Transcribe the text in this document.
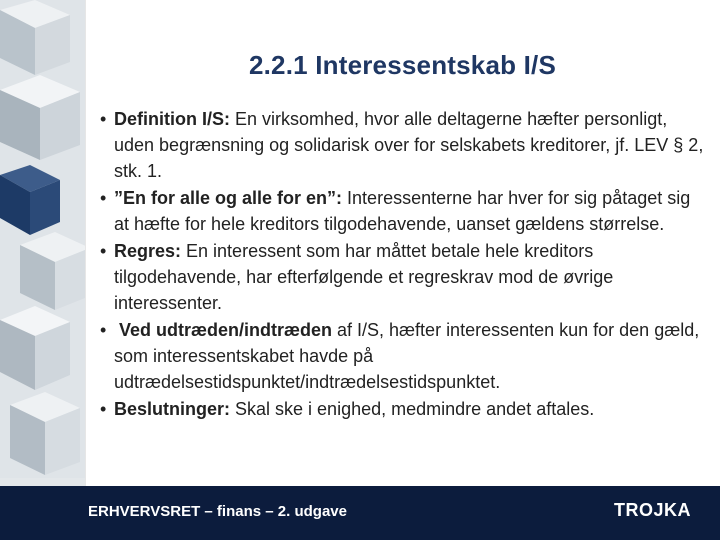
2.2.1 Interessentskab I/S
• Definition I/S: En virksomhed, hvor alle deltagerne hæfter personligt, uden begrænsning og solidarisk over for selskabets kreditorer, jf. LEV § 2, stk. 1.
• ”En for alle og alle for en”: Interessenterne har hver for sig påtaget sig at hæfte for hele kreditors tilgodehavende, uanset gældens størrelse.
• Regres: En interessent som har måttet betale hele kreditors tilgodehavende, har efterfølgende et regreskrav mod de øvrige interessenter.
• Ved udtræden/indtræden af I/S, hæfter interessenten kun for den gæld, som interessentskabet havde på udtrædelsestidspunktet/indtrædelsestidspunktet.
• Beslutninger: Skal ske i enighed, medmindre andet aftales.
ERHVERVSRET – finans – 2. udgave	TROJKA
